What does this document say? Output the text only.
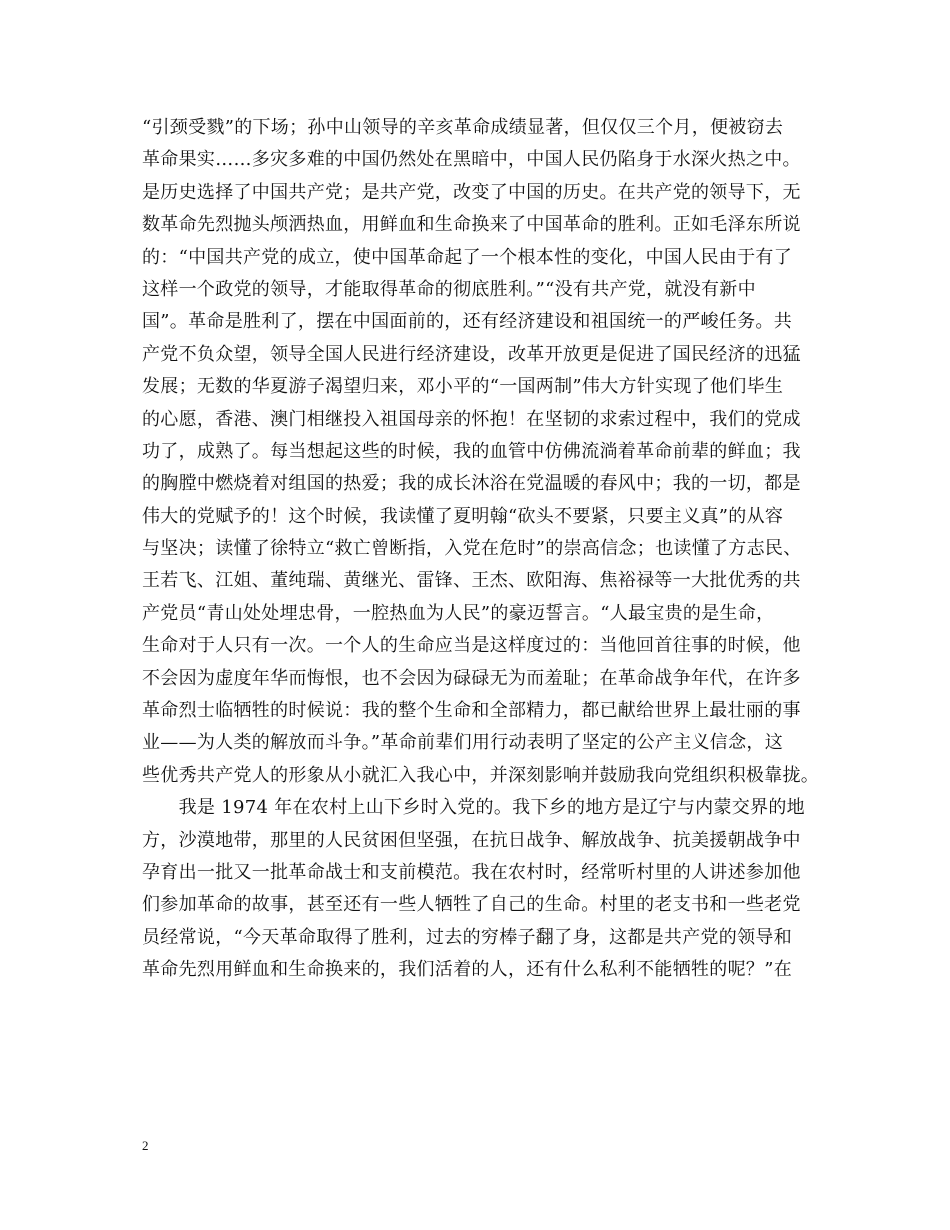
“引颈受戮”的下场；孙中山领导的辛亥革命成绩显著，但仅仅三个月，便被窃去
革命果实……多灾多难的中国仍然处在黑暗中，中国人民仍陷身于水深火热之中。
是历史选择了中国共产党；是共产党，改变了中国的历史。在共产党的领导下，无
数革命先烈抛头颅洒热血，用鲜血和生命换来了中国革命的胜利。正如毛泽东所说
的：“中国共产党的成立，使中国革命起了一个根本性的变化，中国人民由于有了
这样一个政党的领导，才能取得革命的彻底胜利。”“没有共产党，就没有新中
国”。革命是胜利了，摆在中国面前的，还有经济建设和祖国统一的严峻任务。共
产党不负众望，领导全国人民进行经济建设，改革开放更是促进了国民经济的迅猛
发展；无数的华夏游子渴望归来，邓小平的“一国两制”伟大方针实现了他们毕生
的心愿，香港、澳门相继投入祖国母亲的怀抱！在坚韧的求索过程中，我们的党成
功了，成熟了。每当想起这些的时候，我的血管中仿佛流淌着革命前辈的鲜血；我
的胸膛中燃烧着对组国的热爱；我的成长沐浴在党温暖的春风中；我的一切，都是
伟大的党赋予的！这个时候，我读懂了夏明翰“砍头不要紧，只要主义真”的从容
与坚决；读懂了徐特立“救亡曾断指，入党在危时”的崇高信念；也读懂了方志民、
王若飞、江姐、董纯瑞、黄继光、雷锋、王杰、欧阳海、焦裕禄等一大批优秀的共
产党员“青山处处埋忠骨，一腔热血为人民”的豪迈誓言。“人最宝贵的是生命，
生命对于人只有一次。一个人的生命应当是这样度过的：当他回首往事的时候，他
不会因为虚度年华而悔恨，也不会因为碌碌无为而羞耻；在革命战争年代，在许多
革命烈士临牺牲的时候说：我的整个生命和全部精力，都已献给世界上最壮丽的事
业——为人类的解放而斗争。”革命前辈们用行动表明了坚定的公产主义信念，这
些优秀共产党人的形象从小就汇入我心中，并深刻影响并鼓励我向党组织积极靠拢。
　　我是 1974 年在农村上山下乡时入党的。我下乡的地方是辽宁与内蒙交界的地
方，沙漠地带，那里的人民贫困但坚强，在抗日战争、解放战争、抗美援朝战争中
孕育出一批又一批革命战士和支前模范。我在农村时，经常听村里的人讲述参加他
们参加革命的故事，甚至还有一些人牺牲了自己的生命。村里的老支书和一些老党
员经常说，“今天革命取得了胜利，过去的穷棒子翻了身，这都是共产党的领导和
革命先烈用鲜血和生命换来的，我们活着的人，还有什么私利不能牺牲的呢？”在
2
